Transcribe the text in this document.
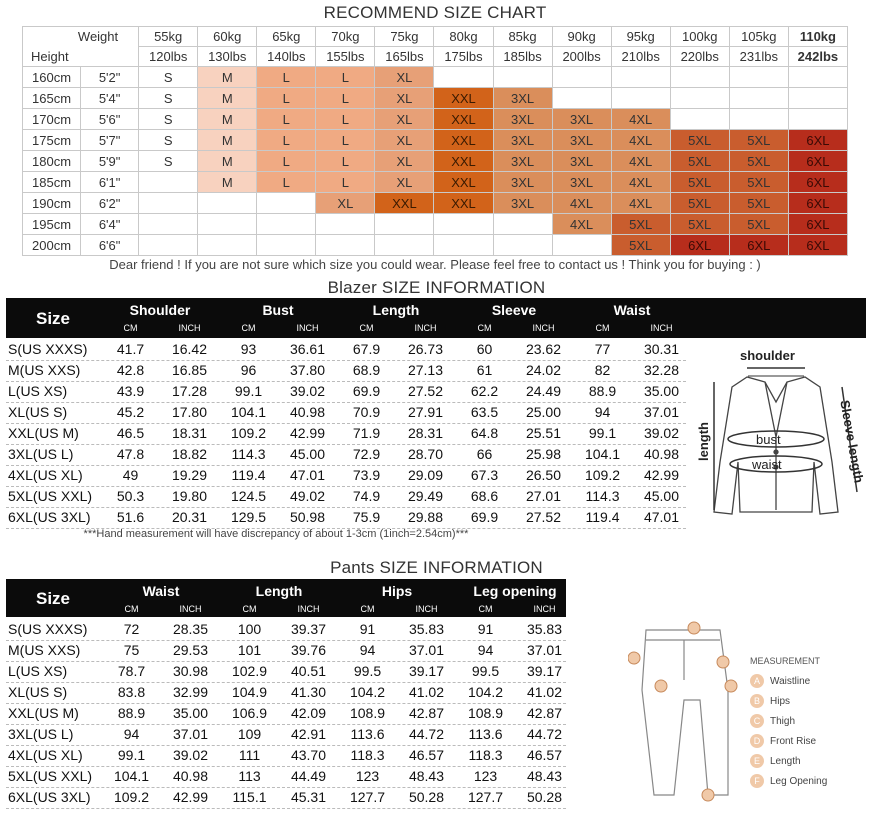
RECOMMEND SIZE CHART
Weight		55kg	60kg	65kg	70kg	75kg	80kg	85kg	90kg	95kg	100kg	105kg	110kg
Height		120lbs	130lbs	140lbs	155lbs	165lbs	175lbs	185lbs	200lbs	210lbs	220lbs	231lbs	242lbs
160cm	5'2"	S	M	L	L	XL							
165cm	5'4"	S	M	L	L	XL	XXL	3XL					
170cm	5'6"	S	M	L	L	XL	XXL	3XL	3XL	4XL			
175cm	5'7"	S	M	L	L	XL	XXL	3XL	3XL	4XL	5XL	5XL	6XL
180cm	5'9"	S	M	L	L	XL	XXL	3XL	3XL	4XL	5XL	5XL	6XL
185cm	6'1"		M	L	L	XL	XXL	3XL	3XL	4XL	5XL	5XL	6XL
190cm	6'2"				XL	XXL	XXL	3XL	4XL	4XL	5XL	5XL	6XL
195cm	6'4"								4XL	5XL	5XL	5XL	6XL
200cm	6'6"									5XL	6XL	6XL	6XL
Dear friend ! If you are not sure which size you could wear. Please feel free to contact us ! Think you for buying : )
Blazer SIZE INFORMATION
Size	Shoulder
CM	INCH
Bust
CM	INCH
Length
CM	INCH
Sleeve
CM	INCH
Waist
CM	INCH
S(US XXXS)	41.7	16.42	93	36.61	67.9	26.73	60	23.62	77	30.31
M(US XXS)	42.8	16.85	96	37.80	68.9	27.13	61	24.02	82	32.28
L(US XS)	43.9	17.28	99.1	39.02	69.9	27.52	62.2	24.49	88.9	35.00
XL(US S)	45.2	17.80	104.1	40.98	70.9	27.91	63.5	25.00	94	37.01
XXL(US M)	46.5	18.31	109.2	42.99	71.9	28.31	64.8	25.51	99.1	39.02
3XL(US L)	47.8	18.82	114.3	45.00	72.9	28.70	66	25.98	104.1	40.98
4XL(US XL)	49	19.29	119.4	47.01	73.9	29.09	67.3	26.50	109.2	42.99
5XL(US XXL)	50.3	19.80	124.5	49.02	74.9	29.49	68.6	27.01	114.3	45.00
6XL(US 3XL)	51.6	20.31	129.5	50.98	75.9	29.88	69.9	27.52	119.4	47.01
***Hand measurement will have discrepancy of about 1-3cm (1inch=2.54cm)***
shoulder
length	Sleeve length
bust
waist
Pants SIZE INFORMATION
Size	Waist
CM	INCH
Length
CM	INCH
Hips
CM	INCH
Leg opening
CM	INCH
S(US XXXS)	72	28.35	100	39.37	91	35.83	91	35.83
M(US XXS)	75	29.53	101	39.76	94	37.01	94	37.01
L(US XS)	78.7	30.98	102.9	40.51	99.5	39.17	99.5	39.17
XL(US S)	83.8	32.99	104.9	41.30	104.2	41.02	104.2	41.02
XXL(US M)	88.9	35.00	106.9	42.09	108.9	42.87	108.9	42.87
3XL(US L)	94	37.01	109	42.91	113.6	44.72	113.6	44.72
4XL(US XL)	99.1	39.02	111	43.70	118.3	46.57	118.3	46.57
5XL(US XXL)	104.1	40.98	113	44.49	123	48.43	123	48.43
6XL(US 3XL)	109.2	42.99	115.1	45.31	127.7	50.28	127.7	50.28
MEASUREMENT
A Waistline
B Hips
C Thigh
D Front Rise
E Length
F Leg Opening
